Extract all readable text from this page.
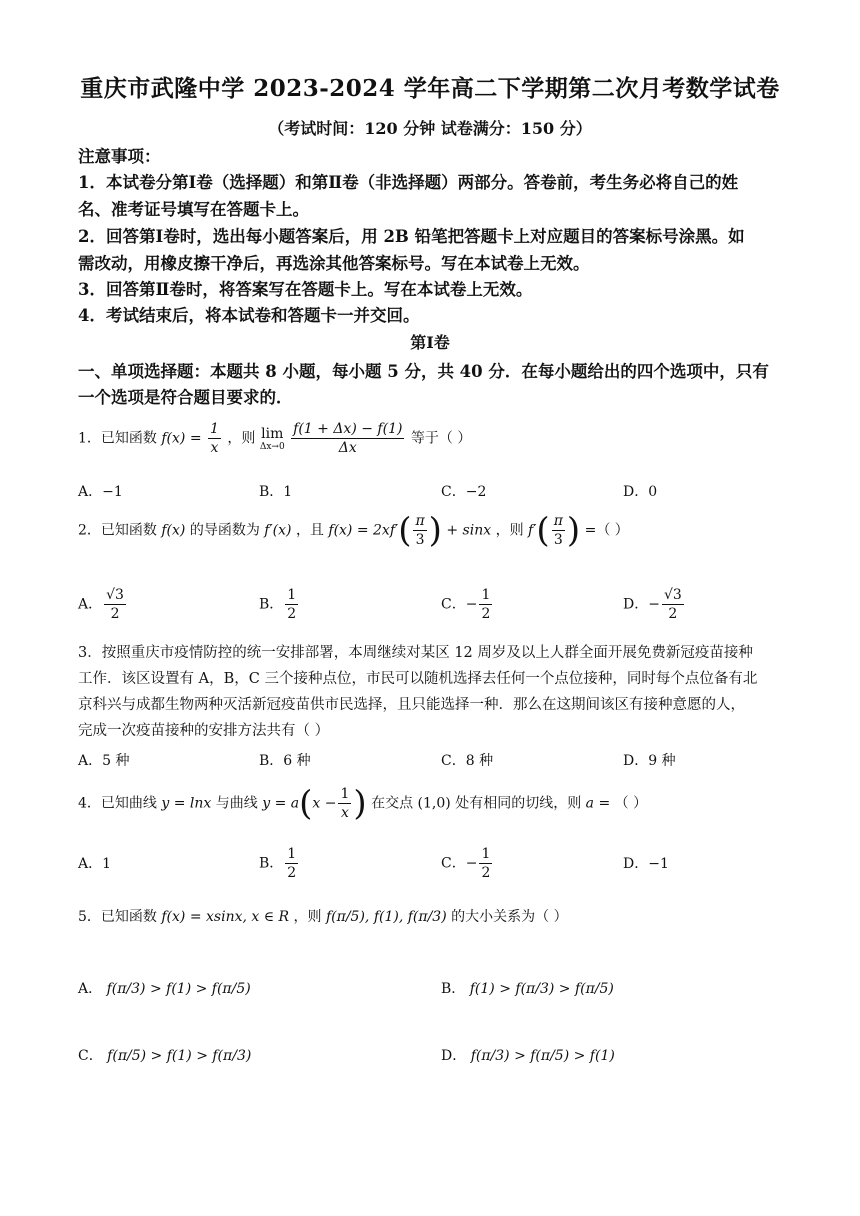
重庆市武隆中学 2023-2024 学年高二下学期第二次月考数学试卷
（考试时间：120 分钟 试卷满分：150 分）
注意事项：
1．本试卷分第Ⅰ卷（选择题）和第Ⅱ卷（非选择题）两部分。答卷前，考生务必将自己的姓
名、准考证号填写在答题卡上。
2．回答第Ⅰ卷时，选出每小题答案后，用 2B 铅笔把答题卡上对应题目的答案标号涂黑。如
需改动，用橡皮擦干净后，再选涂其他答案标号。写在本试卷上无效。
3．回答第Ⅱ卷时，将答案写在答题卡上。写在本试卷上无效。
4．考试结束后，将本试卷和答题卡一并交回。
第Ⅰ卷
一、单项选择题：本题共 8 小题，每小题 5 分，共 40 分．在每小题给出的四个选项中，只有
一个选项是符合题目要求的．
1．已知函数 $f(x) = \frac{1}{x}$ ，则 lim
Δx→0
$\frac{f(1 + \Delta x) - f(1)}{\Delta x}$ 等于（ ）
A．−1	B．1	C．−2	D．0
2．已知函数 f(x) 的导函数为 f′(x) ，且 $f(x) = 2xf'( \frac{\pi}{3}$ ) + sinx ，则 $f'( \frac{\pi}{3}$ ) =（ ）
A． $\frac{√3}{2}$	B． $\frac{1}{2}$	C．− $\frac{1}{2}$	D．− $\frac{√3}{2}$
3．按照重庆市疫情防控的统一安排部署，本周继续对某区 12 周岁及以上人群全面开展免费新冠疫苗接种
工作．该区设置有 A，B，C 三个接种点位，市民可以随机选择去任何一个点位接种，同时每个点位备有北
京科兴与成都生物两种灭活新冠疫苗供市民选择，且只能选择一种．那么在这期间该区有接种意愿的人，
完成一次疫苗接种的安排方法共有（ ）
A．5 种	B．6 种	C．8 种	D．9 种
4．已知曲线 y = lnx 与曲线 $y = a(x - \frac{1}{x}$ ) 在交点 (1,0) 处有相同的切线，则 a = （ ）
A．1	B． $\frac{1}{2}$	C．− $\frac{1}{2}$	D．−1
5．已知函数 f(x) = xsinx, x ∈ R ，则 f(π/5), f(1), f(π/3) 的大小关系为（ ）
A． f(π/3) > f(1) > f(π/5)	B． f(1) > f(π/3) > f(π/5)
C． f(π/5) > f(1) > f(π/3)	D． f(π/3) > f(π/5) > f(1)
